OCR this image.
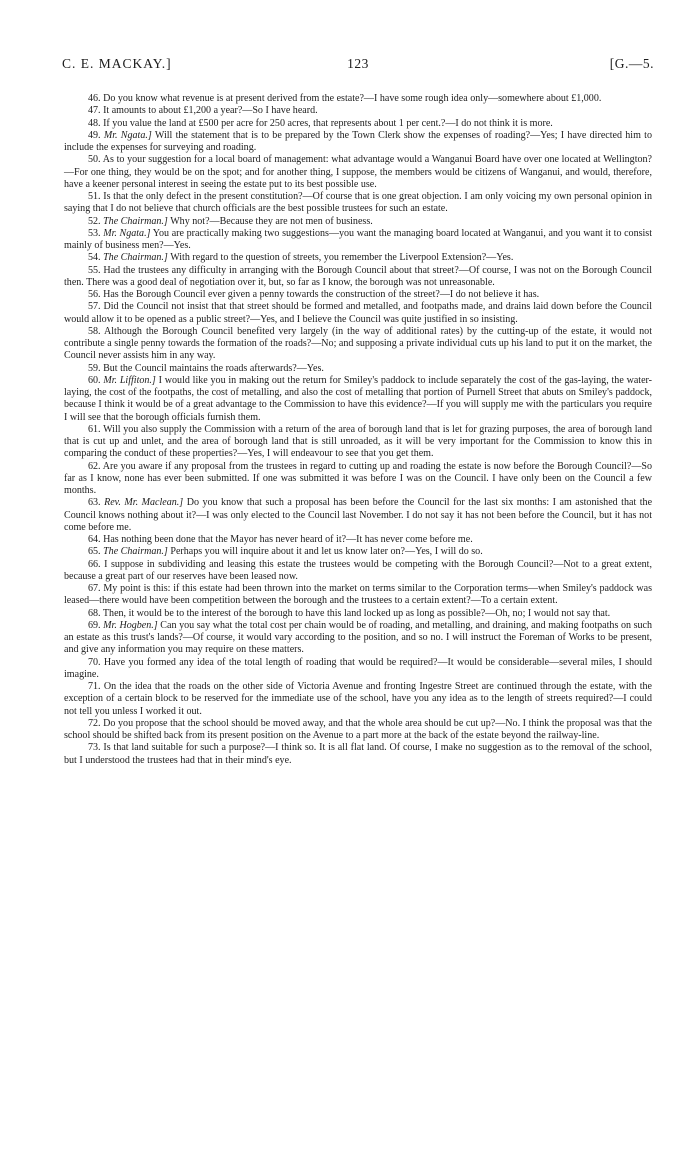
C. E. MACKAY.]	123	[G.—5.

46. Do you know what revenue is at present derived from the estate?—I have some rough idea only—somewhere about £1,000.

47. It amounts to about £1,200 a year?—So I have heard.

48. If you value the land at £500 per acre for 250 acres, that represents about 1 per cent.?—I do not think it is more.

49. Mr. Ngata.] Will the statement that is to be prepared by the Town Clerk show the expenses of roading?—Yes; I have directed him to include the expenses for surveying and roading.

50. As to your suggestion for a local board of management: what advantage would a Wanganui Board have over one located at Wellington?—For one thing, they would be on the spot; and for another thing, I suppose, the members would be citizens of Wanganui, and would, therefore, have a keener personal interest in seeing the estate put to its best possible use.

51. Is that the only defect in the present constitution?—Of course that is one great objection. I am only voicing my own personal opinion in saying that I do not believe that church officials are the best possible trustees for such an estate.

52. The Chairman.] Why not?—Because they are not men of business.

53. Mr. Ngata.] You are practically making two suggestions—you want the managing board located at Wanganui, and you want it to consist mainly of business men?—Yes.

54. The Chairman.] With regard to the question of streets, you remember the Liverpool Extension?—Yes.

55. Had the trustees any difficulty in arranging with the Borough Council about that street?—Of course, I was not on the Borough Council then. There was a good deal of negotiation over it, but, so far as I know, the borough was not unreasonable.

56. Has the Borough Council ever given a penny towards the construction of the street?—I do not believe it has.

57. Did the Council not insist that that street should be formed and metalled, and footpaths made, and drains laid down before the Council would allow it to be opened as a public street?—Yes, and I believe the Council was quite justified in so insisting.

58. Although the Borough Council benefited very largely (in the way of additional rates) by the cutting-up of the estate, it would not contribute a single penny towards the formation of the roads?—No; and supposing a private individual cuts up his land to put it on the market, the Council never assists him in any way.

59. But the Council maintains the roads afterwards?—Yes.

60. Mr. Liffiton.] I would like you in making out the return for Smiley's paddock to include separately the cost of the gas-laying, the water-laying, the cost of the footpaths, the cost of metalling, and also the cost of metalling that portion of Purnell Street that abuts on Smiley's paddock, because I think it would be of a great advantage to the Commission to have this evidence?—If you will supply me with the particulars you require I will see that the borough officials furnish them.

61. Will you also supply the Commission with a return of the area of borough land that is let for grazing purposes, the area of borough land that is cut up and unlet, and the area of borough land that is still unroaded, as it will be very important for the Commission to know this in comparing the conduct of these properties?—Yes, I will endeavour to see that you get them.

62. Are you aware if any proposal from the trustees in regard to cutting up and roading the estate is now before the Borough Council?—So far as I know, none has ever been submitted. If one was submitted it was before I was on the Council. I have only been on the Council a few months.

63. Rev. Mr. Maclean.] Do you know that such a proposal has been before the Council for the last six months: I am astonished that the Council knows nothing about it?—I was only elected to the Council last November. I do not say it has not been before the Council, but it has not come before me.

64. Has nothing been done that the Mayor has never heard of it?—It has never come before me.

65. The Chairman.] Perhaps you will inquire about it and let us know later on?—Yes, I will do so.

66. I suppose in subdividing and leasing this estate the trustees would be competing with the Borough Council?—Not to a great extent, because a great part of our reserves have been leased now.

67. My point is this: if this estate had been thrown into the market on terms similar to the Corporation terms—when Smiley's paddock was leased—there would have been competition between the borough and the trustees to a certain extent?—To a certain extent.

68. Then, it would be to the interest of the borough to have this land locked up as long as possible?—Oh, no; I would not say that.

69. Mr. Hogben.] Can you say what the total cost per chain would be of roading, and metalling, and draining, and making footpaths on such an estate as this trust's lands?—Of course, it would vary according to the position, and so no. I will instruct the Foreman of Works to be present, and give any information you may require on these matters.

70. Have you formed any idea of the total length of roading that would be required?—It would be considerable—several miles, I should imagine.

71. On the idea that the roads on the other side of Victoria Avenue and fronting Ingestre Street are continued through the estate, with the exception of a certain block to be reserved for the immediate use of the school, have you any idea as to the length of streets required?—I could not tell you unless I worked it out.

72. Do you propose that the school should be moved away, and that the whole area should be cut up?—No. I think the proposal was that the school should be shifted back from its present position on the Avenue to a part more at the back of the estate beyond the railway-line.

73. Is that land suitable for such a purpose?—I think so. It is all flat land. Of course, I make no suggestion as to the removal of the school, but I understood the trustees had that in their mind's eye.
